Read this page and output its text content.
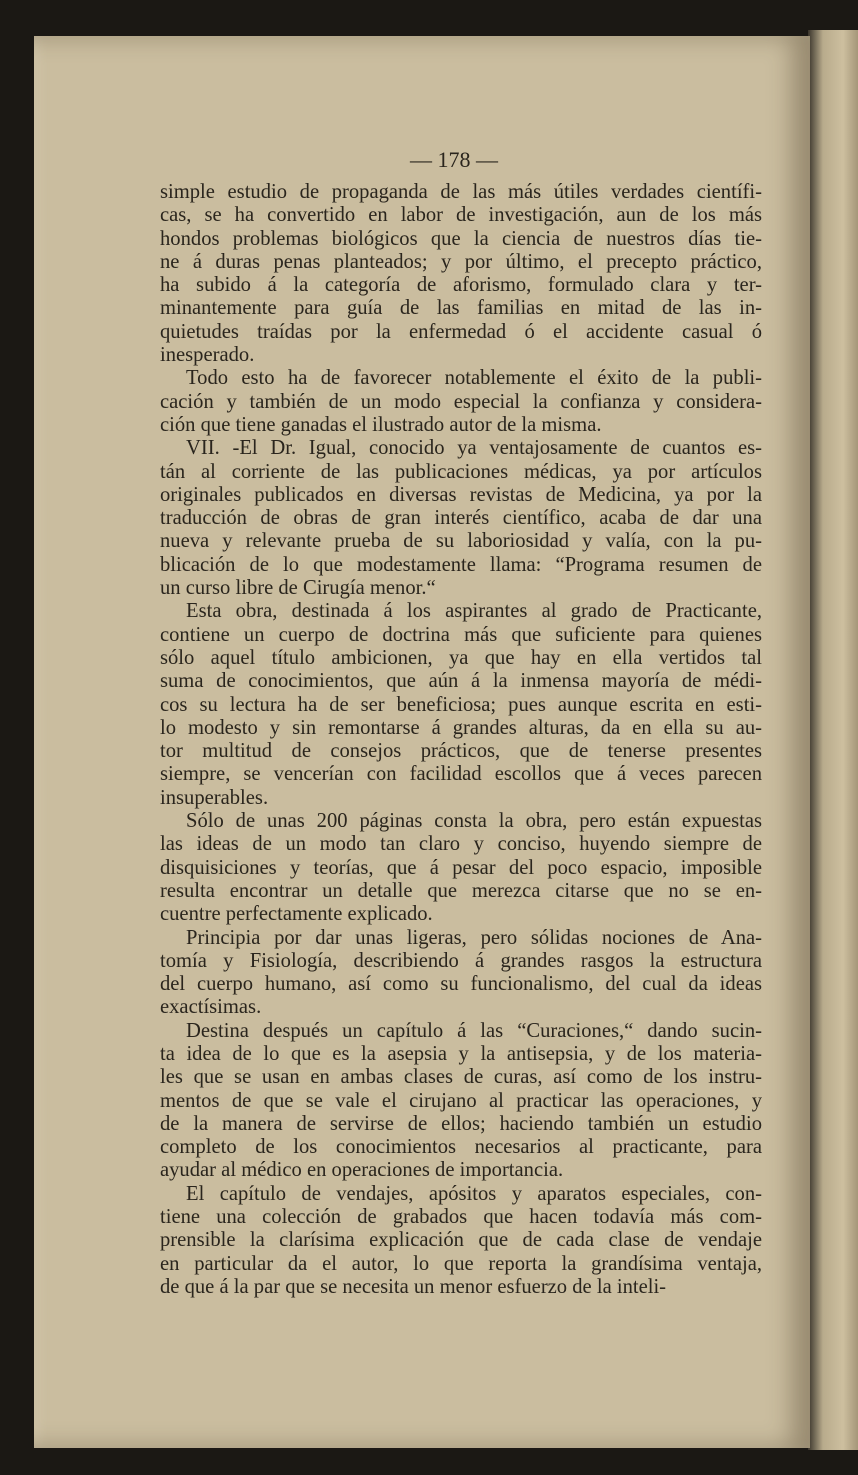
— 178 —
simple estudio de propaganda de las más útiles verdades científi-
cas, se ha convertido en labor de investigación, aun de los más
hondos problemas biológicos que la ciencia de nuestros días tie-
ne á duras penas planteados; y por último, el precepto práctico,
ha subido á la categoría de aforismo, formulado clara y ter-
minantemente para guía de las familias en mitad de las in-
quietudes traídas por la enfermedad ó el accidente casual ó
inesperado.
Todo esto ha de favorecer notablemente el éxito de la publi-
cación y también de un modo especial la confianza y considera-
ción que tiene ganadas el ilustrado autor de la misma.
VII. -El Dr. Igual, conocido ya ventajosamente de cuantos es-
tán al corriente de las publicaciones médicas, ya por artículos
originales publicados en diversas revistas de Medicina, ya por la
traducción de obras de gran interés científico, acaba de dar una
nueva y relevante prueba de su laboriosidad y valía, con la pu-
blicación de lo que modestamente llama: “Programa resumen de
un curso libre de Cirugía menor.“
Esta obra, destinada á los aspirantes al grado de Practicante,
contiene un cuerpo de doctrina más que suficiente para quienes
sólo aquel título ambicionen, ya que hay en ella vertidos tal
suma de conocimientos, que aún á la inmensa mayoría de médi-
cos su lectura ha de ser beneficiosa; pues aunque escrita en esti-
lo modesto y sin remontarse á grandes alturas, da en ella su au-
tor multitud de consejos prácticos, que de tenerse presentes
siempre, se vencerían con facilidad escollos que á veces parecen
insuperables.
Sólo de unas 200 páginas consta la obra, pero están expuestas
las ideas de un modo tan claro y conciso, huyendo siempre de
disquisiciones y teorías, que á pesar del poco espacio, imposible
resulta encontrar un detalle que merezca citarse que no se en-
cuentre perfectamente explicado.
Principia por dar unas ligeras, pero sólidas nociones de Ana-
tomía y Fisiología, describiendo á grandes rasgos la estructura
del cuerpo humano, así como su funcionalismo, del cual da ideas
exactísimas.
Destina después un capítulo á las “Curaciones,“ dando sucin-
ta idea de lo que es la asepsia y la antisepsia, y de los materia-
les que se usan en ambas clases de curas, así como de los instru-
mentos de que se vale el cirujano al practicar las operaciones, y
de la manera de servirse de ellos; haciendo también un estudio
completo de los conocimientos necesarios al practicante, para
ayudar al médico en operaciones de importancia.
El capítulo de vendajes, apósitos y aparatos especiales, con-
tiene una colección de grabados que hacen todavía más com-
prensible la clarísima explicación que de cada clase de vendaje
en particular da el autor, lo que reporta la grandísima ventaja,
de que á la par que se necesita un menor esfuerzo de la inteli-
